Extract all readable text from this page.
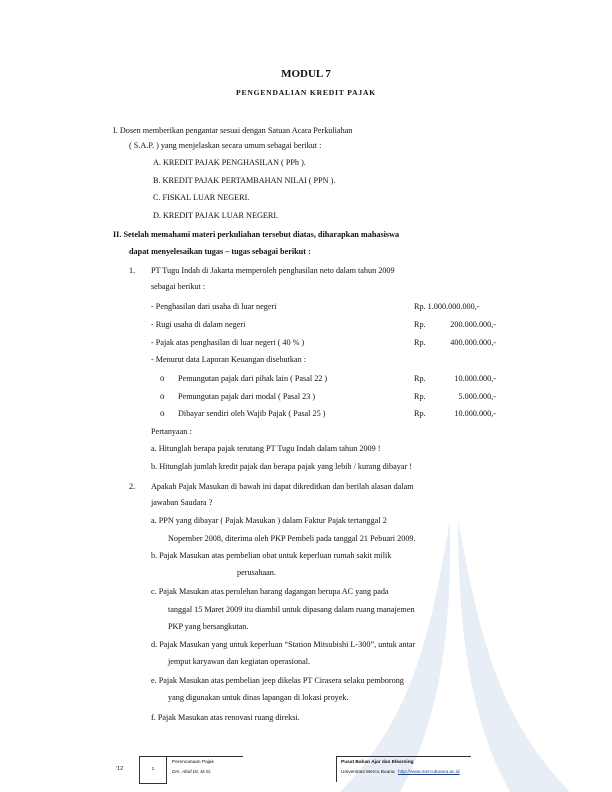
MODUL 7
PENGENDALIAN KREDIT PAJAK
I. Dosen memberikan pengantar sesuai dengan Satuan Acara Perkuliahan
( S.A.P. ) yang menjelaskan secara umum sebagai berikut :
A. KREDIT PAJAK PENGHASILAN ( PPh ).
B. KREDIT PAJAK PERTAMBAHAN NILAI ( PPN ).
C. FISKAL LUAR NEGERI.
D. KREDIT PAJAK LUAR NEGERI.
II. Setelah memahami materi perkuliahan tersebut diatas, diharapkan mahasiswa
dapat menyelesaikan tugas – tugas sebagai berikut :
1. PT Tugu Indah di Jakarta memperoleh penghasilan neto dalam tahun 2009
sebagai berikut :
- Penghasilan dari usaha di luar negeri	Rp. 1.000.000.000,-
- Rugi usaha di dalam negeri	Rp.	200.000.000,-
- Pajak atas penghasilan di luar negeri ( 40 % )	Rp.	400.000.000,-
- Menurut data Laporan Keuangan disebutkan :
o Pemungutan pajak dari pihak lain ( Pasal 22 )	Rp.	10.000.000,-
o Pemungutan pajak dari modal ( Pasal 23 )	Rp.	5.000.000,-
o Dibayar sendiri oleh Wajib Pajak ( Pasal 25 )	Rp.	10.000.000,-
Pertanyaan :
a. Hitunglah berapa pajak terutang PT Tugu Indah dalam tahun 2009 !
b. Hitunglah jumlah kredit pajak dan berapa pajak yang lebih / kurang dibayar !
2. Apakah Pajak Masukan di bawah ini dapat dikreditkan dan berilah alasan dalam
jawaban Saudara ?
a. PPN yang dibayar ( Pajak Masukan ) dalam Faktur Pajak tertanggal 2
Nopember 2008, diterima oleh PKP Pembeli pada tanggal 21 Pebuari 2009.
b. Pajak Masukan atas pembelian obat untuk keperluan rumah sakit milik
perusahaan.
c. Pajak Masukan atas perolehan barang dagangan berupa AC yang pada
tanggal 15 Maret 2009 itu diambil untuk dipasang dalam ruang manajemen
PKP yang bersangkutan.
d. Pajak Masukan yang untuk keperluan “Station Mitsubishi L-300”, untuk antar
jemput karyawan dan kegiatan operasional.
e. Pajak Masukan atas pembelian jeep dikelas PT Cirasera selaku pemborong
yang digunakan untuk dinas lapangan di lokasi proyek.
f. Pajak Masukan atas renovasi ruang direksi.
'12	1
Perencanaan Pajak
Drs. Abid Dt, M.Si.
Pusat Bahan Ajar dan Elearning
Universitas Mercu Buana http://www.mercubuana.ac.id
